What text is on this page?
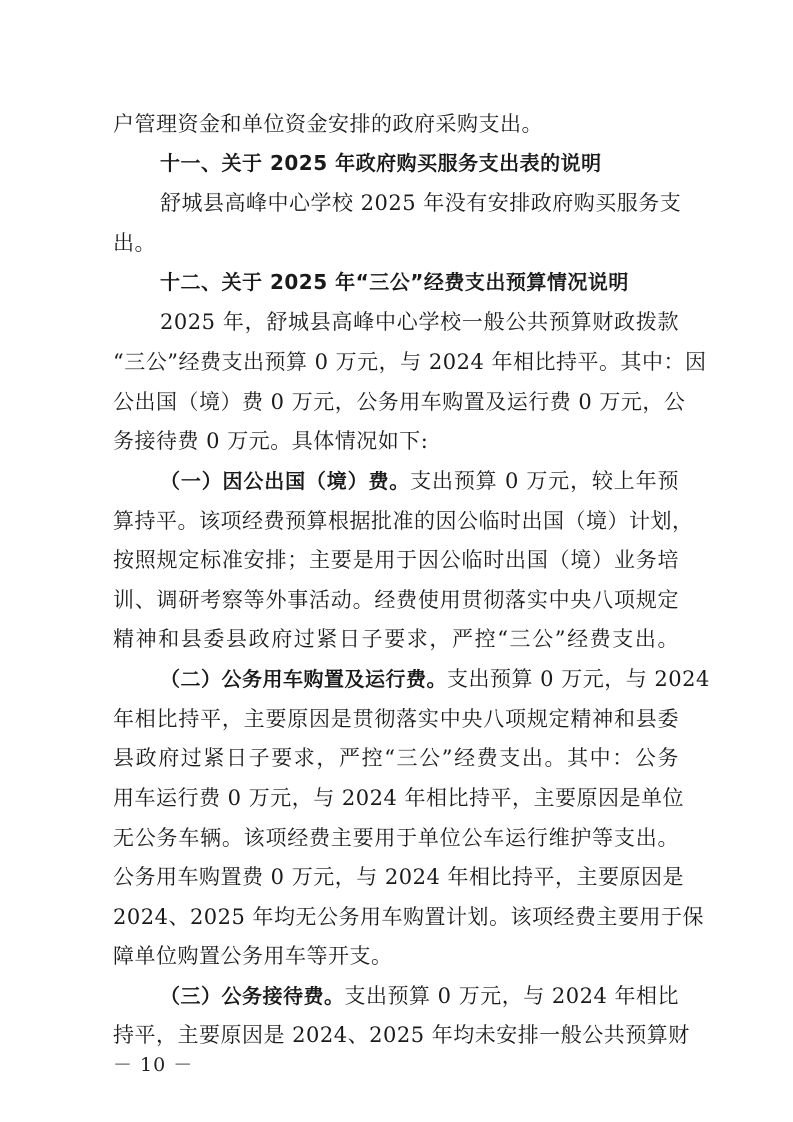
户管理资金和单位资金安排的政府采购支出。
十一、关于 2025 年政府购买服务支出表的说明
舒城县高峰中心学校 2025 年没有安排政府购买服务支
出。
十二、关于 2025 年“三公”经费支出预算情况说明
2025 年，舒城县高峰中心学校一般公共预算财政拨款
“三公”经费支出预算 0 万元，与 2024 年相比持平。其中：因
公出国（境）费 0 万元，公务用车购置及运行费 0 万元，公
务接待费 0 万元。具体情况如下:
（一）因公出国（境）费。支出预算 0 万元，较上年预
算持平。该项经费预算根据批准的因公临时出国（境）计划，
按照规定标准安排；主要是用于因公临时出国（境）业务培
训、调研考察等外事活动。经费使用贯彻落实中央八项规定
精神和县委县政府过紧日子要求，严控“三公”经费支出。
（二）公务用车购置及运行费。支出预算 0 万元，与 2024
年相比持平，主要原因是贯彻落实中央八项规定精神和县委
县政府过紧日子要求，严控“三公”经费支出。其中：公务
用车运行费 0 万元，与 2024 年相比持平，主要原因是单位
无公务车辆。该项经费主要用于单位公车运行维护等支出。
公务用车购置费 0 万元，与 2024 年相比持平，主要原因是
2024、2025 年均无公务用车购置计划。该项经费主要用于保
障单位购置公务用车等开支。
（三）公务接待费。支出预算 0 万元，与 2024 年相比
持平，主要原因是 2024、2025 年均未安排一般公共预算财
－ 10 －
